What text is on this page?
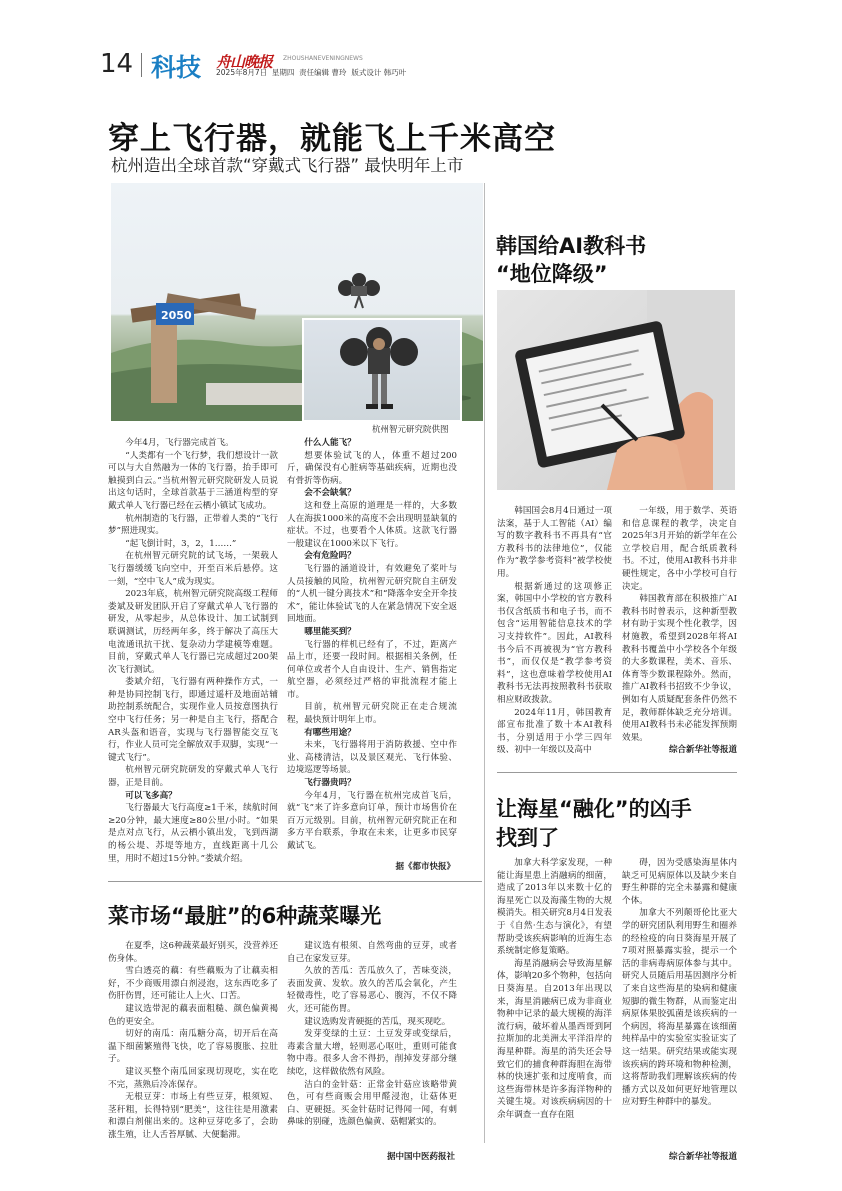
14 科技 舟山晚报 ZHOUSHANEVENINGNEWS
2025年8月7日  星期四  责任编辑 曹玲  版式设计 韩巧叶
穿上飞行器，就能飞上千米高空
杭州造出全球首款“穿戴式飞行器” 最快明年上市
2050
杭州智元研究院供图

今年4月，飞行器完成首飞。

“人类都有一个飞行梦，我们想设计一款可以与大自然融为一体的飞行器，抬手即可触摸到白云。”当杭州智元研究院研发人员说出这句话时，全球首款基于三涵道构型的穿戴式单人飞行器已经在云栖小镇试飞成功。

杭州制造的飞行器，正带着人类的“飞行梦”照进现实。

“起飞倒计时，3，2，1……”

在杭州智元研究院的试飞场，一架载人飞行器缓缓飞向空中，开至百米后悬停。这一刻，“空中飞人”成为现实。

2023年底，杭州智元研究院高级工程师娄斌及研发团队开启了穿戴式单人飞行器的研发，从零起步，从总体设计、加工试制到联调测试，历经两年多，终于解决了高压大电流通讯抗干扰、复杂动力学建模等难题。目前，穿戴式单人飞行器已完成超过200架次飞行测试。

娄斌介绍，飞行器有两种操作方式，一种是协同控制飞行，即通过遥杆及地面站辅助控制系统配合，实现作业人员按意图执行空中飞行任务；另一种是自主飞行，搭配合AR头盔和语音，实现与飞行器智能交互飞行，作业人员可完全解放双手双脚，实现“一键式飞行”。

杭州智元研究院研发的穿戴式单人飞行器，正是目前。

可以飞多高？

飞行器最大飞行高度≥1千米，续航时间≥20分钟，最大速度≥80公里/小时。“如果是点对点飞行，从云栖小镇出发，飞到西湖的杨公堤、苏堤等地方，直线距离十几公里，用时不超过15分钟。”娄斌介绍。

什么人能飞？

想要体验试飞的人，体重不超过200斤，确保没有心脏病等基础疾病，近期也没有骨折等伤病。

会不会缺氧？

这和登上高原的道理是一样的，大多数人在海拔1000米的高度不会出现明显缺氧的症状。不过，也要看个人体质。这款飞行器一般建议在1000米以下飞行。

会有危险吗？

飞行器的涵道设计，有效避免了桨叶与人员接触的风险，杭州智元研究院自主研发的“人机一键分离技术”和“降落伞安全开伞技术”，能让体验试飞的人在紧急情况下安全返回地面。

哪里能买到？

飞行器的样机已经有了，不过，距离产品上市，还要一段时间。根据相关条例，任何单位或者个人自由设计、生产、销售指定航空器，必须经过严格的审批流程才能上市。

目前，杭州智元研究院正在走合规流程，最快预计明年上市。

有哪些用途？

未来，飞行器将用于消防救援、空中作业、高楼清洁，以及景区观光、飞行体验、边境巡逻等场景。

飞行器贵吗？

今年4月，飞行器在杭州完成首飞后，就“飞”来了许多意向订单，预计市场售价在百万元级别。目前，杭州智元研究院正在和多方平台联系，争取在未来，让更多市民穿戴试飞。

据《都市快报》
韩国给AI教科书
“地位降级”

韩国国会8月4日通过一项法案，基于人工智能（AI）编写的数字教科书不再具有“官方教科书的法律地位”，仅能作为“教学参考资料”被学校使用。

根据新通过的这项修正案，韩国中小学校的官方教科书仅含纸质书和电子书，而不包含“运用智能信息技术的学习支持软件”。因此，AI教科书今后不再被视为“官方教科书”，而仅仅是“教学参考资料”，这也意味着学校使用AI教科书无法再按照教科书获取相应财政拨款。

2024年11月，韩国教育部宣布批准了数十本AI教科书，分别适用于小学三四年级、初中一年级以及高中

一年级，用于数学、英语和信息课程的教学，决定自2025年3月开始的新学年在公立学校启用，配合纸质教科书。不过，使用AI教科书并非硬性规定，各中小学校可自行决定。

韩国教育部在积极推广AI教科书时曾表示，这种新型教材有助于实现个性化教学，因材施教，希望到2028年将AI教科书覆盖中小学校各个年级的大多数课程，美术、音乐、体育等少数课程除外。然而，推广AI教科书招致不少争议，例如有人质疑配套条件仍然不足，教师群体缺乏充分培训。使用AI教科书未必能发挥预期效果。

综合新华社等报道
让海星“融化”的凶手
找到了

加拿大科学家发现，一种能让海星患上消融病的细菌，造成了2013年以来数十亿的海星死亡以及海藻生物的大规模消失。相关研究8月4日发表于《自然·生态与演化》，有望帮助受该疾病影响的近海生态系统制定修复策略。

海星消融病会导致海星解体，影响20多个物种，包括向日葵海星。自2013年出现以来，海星消融病已成为非商业物种中记录的最大规模的海洋流行病，破坏着从墨西哥到阿拉斯加的北美洲太平洋沿岸的海星种群。海星的消失还会导致它们的捕食种群海胆在海带林的快速扩张和过度啃食，而这些海带林是许多海洋物种的关键生境。对该疾病病因的十余年调查一直存在阻

碍，因为受感染海星体内缺乏可见病原体以及缺少来自野生种群的完全未暴露和健康个体。

加拿大不列颠哥伦比亚大学的研究团队利用野生和圈养的经检疫的向日葵海星开展了7项对照暴露实验，提示一个活的非病毒病原体参与其中。研究人员随后用基因测序分析了来自这些海星的染病和健康短脚的微生物群，从而鉴定出病原体果胶弧菌是该疾病的一个病因，将海星暴露在该细菌纯样品中的实验室实验证实了这一结果。研究结果或能实现该疾病的跨环境和物种检测，这将帮助我们理解该疾病的传播方式以及如何更好地管理以应对野生种群中的暴发。

综合新华社等报道
菜市场“最脏”的6种蔬菜曝光

在夏季，这6种蔬菜最好别买，没营养还伤身体。

雪白透亮的藕：有些藕贩为了让藕卖相好，不少商贩用漂白剂浸泡，这东西吃多了伤肝伤胃，还可能让人上火、口苦。

建议选带泥的藕表面粗糙、颜色偏黄褐色的更安全。

切好的南瓜：南瓜糖分高，切开后在高温下细菌繁殖得飞快，吃了容易腹胀、拉肚子。

建议买整个南瓜回家现切现吃，实在吃不完，蒸熟后冷冻保存。

无根豆芽：市场上有些豆芽，根须短、茎秆粗，长得特别“肥美”，这往往是用激素和漂白剂催出来的。这种豆芽吃多了，会助涨生殖，让人舌苔厚腻、大便黏滞。

建议选有根须、自然弯曲的豆芽，或者自己在家发豆芽。

久放的苦瓜：苦瓜放久了，苦味变淡，表面发黄、发软。放久的苦瓜会氧化，产生轻微毒性，吃了容易恶心、腹泻，不仅不降火，还可能伤胃。

建议选购发青硬挺的苦瓜，现买现吃。

发芽变绿的土豆：土豆发芽或变绿后，毒素含量大增，轻则恶心呕吐，重则可能食物中毒。很多人舍不得扔，削掉发芽部分继续吃，这样做依然有风险。

洁白的金针菇：正常金针菇应该略带黄色，可有些商贩会用甲醛浸泡，让菇体更白、更硬挺。买金针菇时记得闻一闻，有刺鼻味的别碰，选颜色偏黄、菇帽紧实的。

据中国中医药报社
